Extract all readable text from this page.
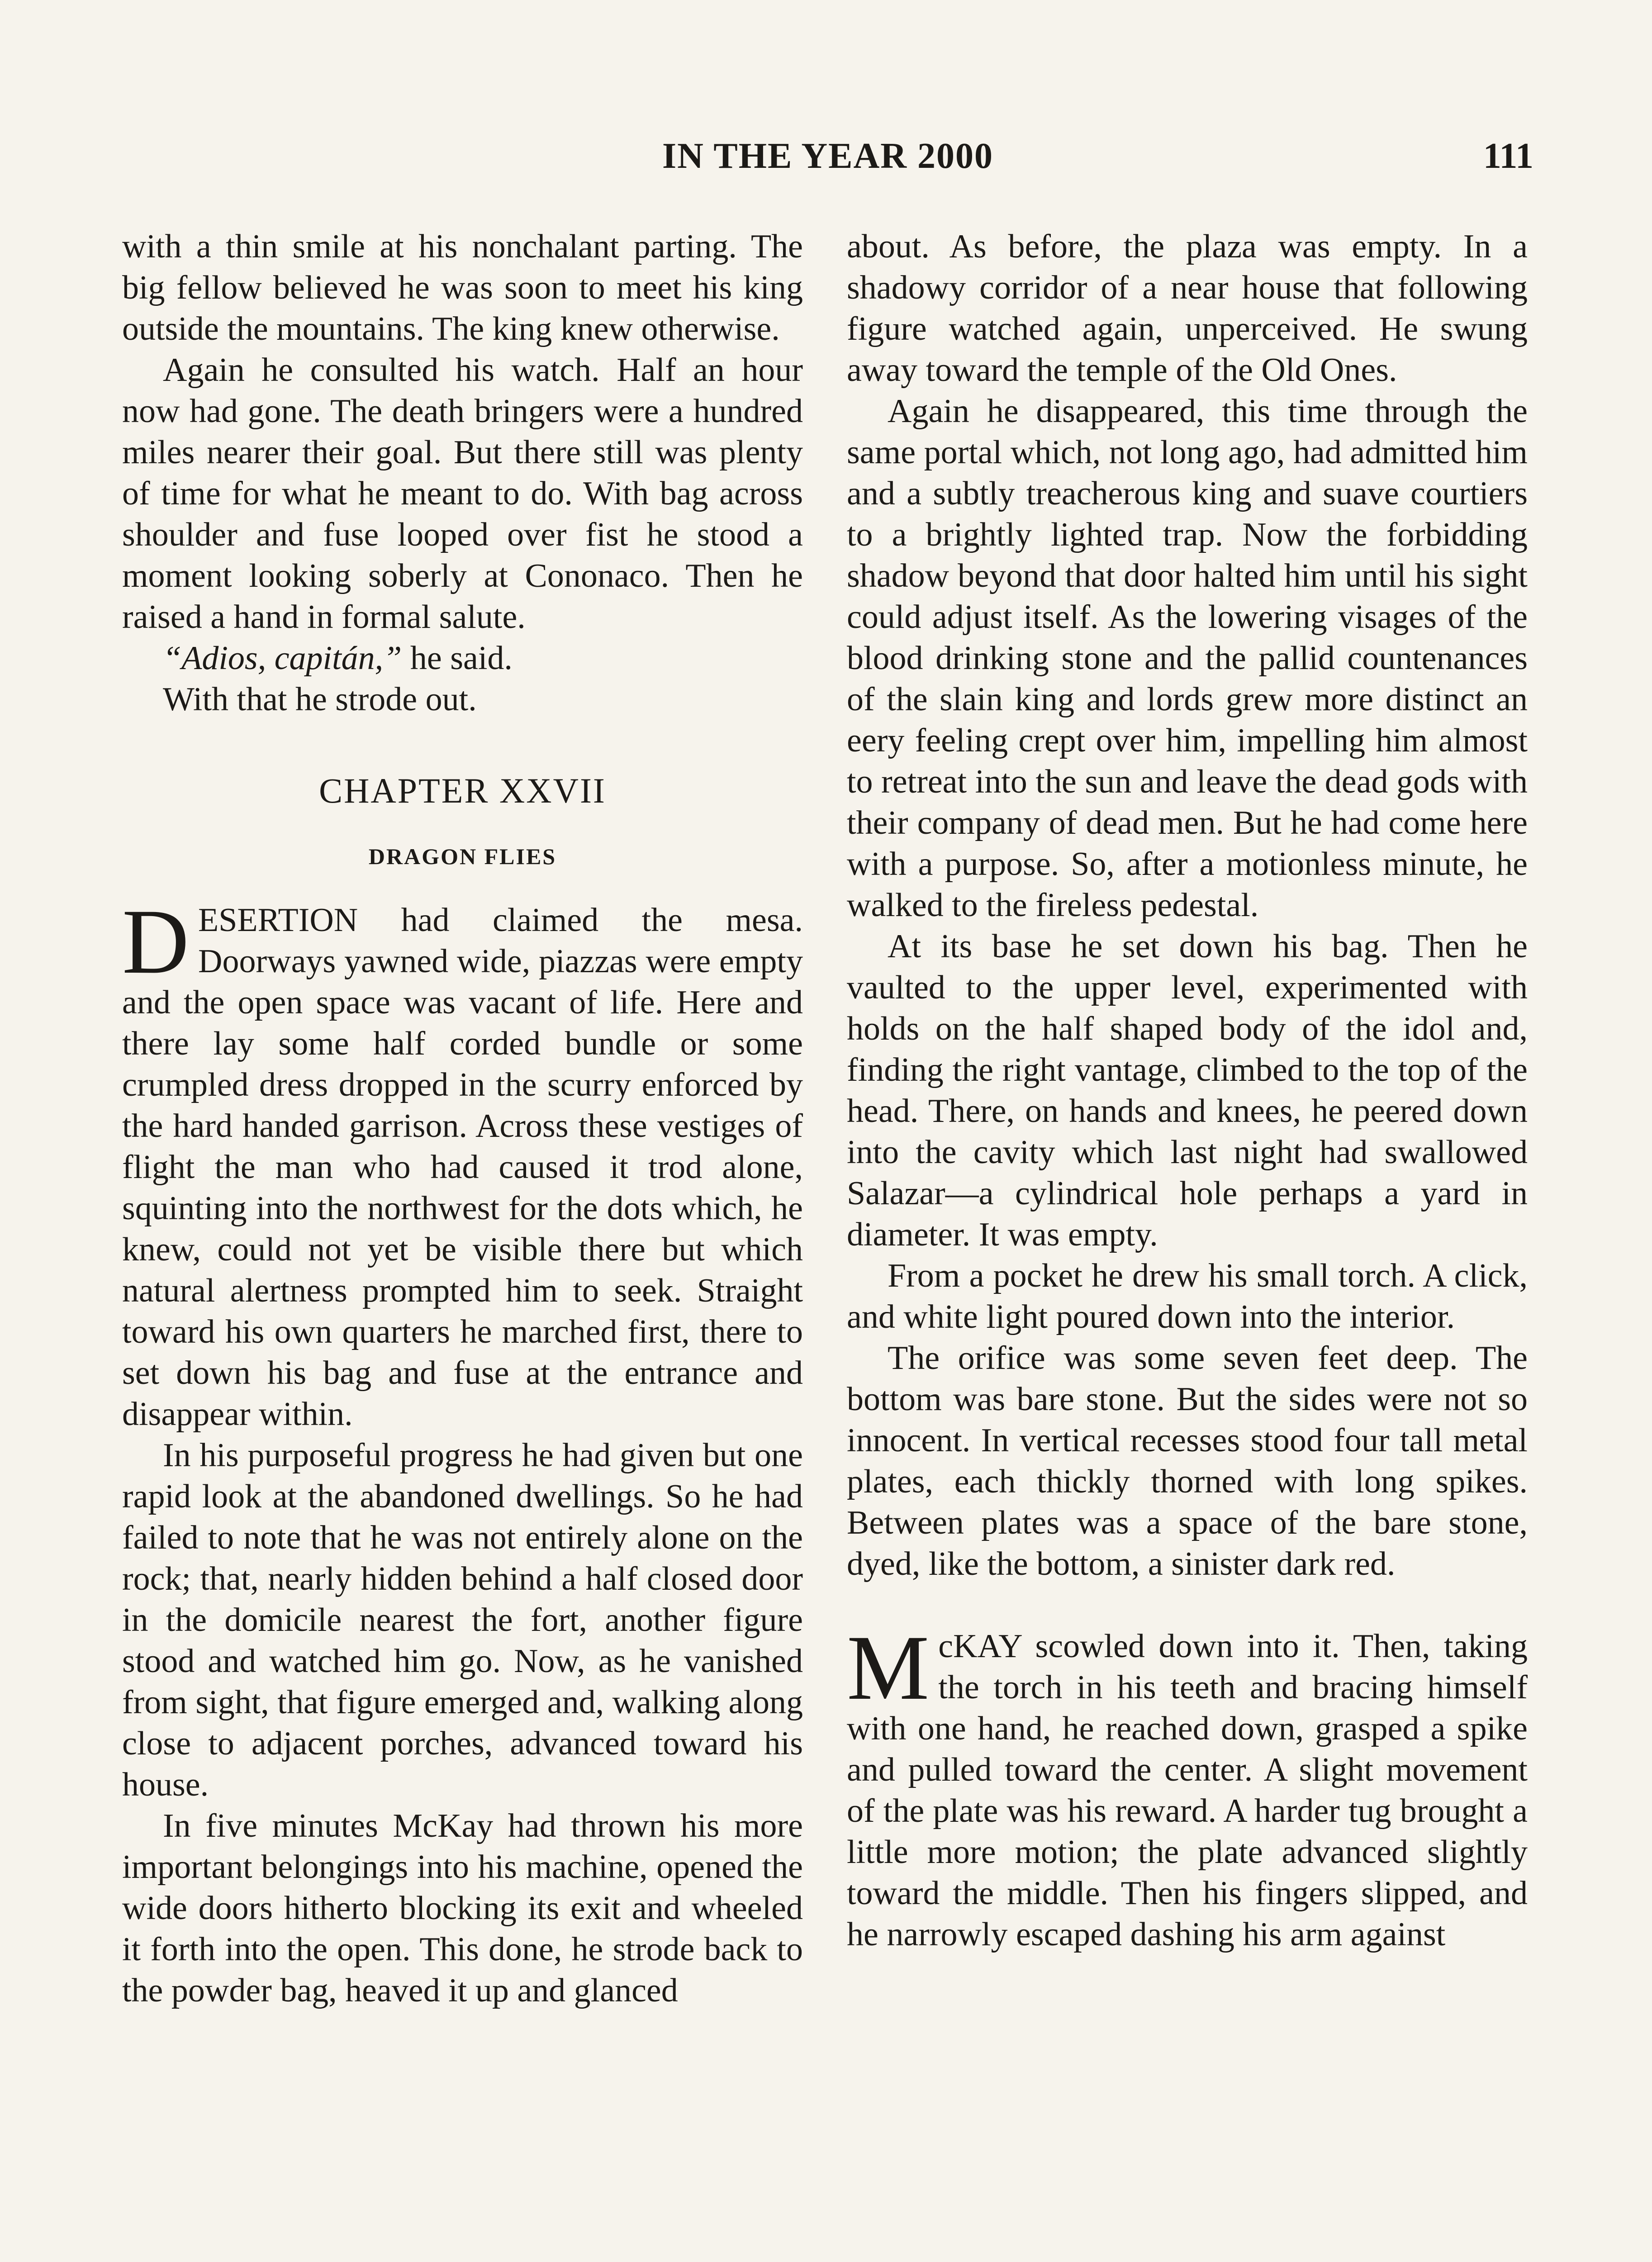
IN THE YEAR 2000	111

with a thin smile at his nonchalant parting. The big fellow believed he was soon to meet his king outside the mountains. The king knew otherwise.

Again he consulted his watch. Half an hour now had gone. The death bringers were a hundred miles nearer their goal. But there still was plenty of time for what he meant to do. With bag across shoulder and fuse looped over fist he stood a moment looking soberly at Cononaco. Then he raised a hand in formal salute.

“Adios, capitán,” he said.

With that he strode out.

CHAPTER XXVII

DRAGON FLIES

DESERTION had claimed the mesa. Doorways yawned wide, piazzas were empty and the open space was vacant of life. Here and there lay some half corded bundle or some crumpled dress dropped in the scurry enforced by the hard handed garrison. Across these vestiges of flight the man who had caused it trod alone, squinting into the northwest for the dots which, he knew, could not yet be visible there but which natural alertness prompted him to seek. Straight toward his own quarters he marched first, there to set down his bag and fuse at the entrance and disappear within.

In his purposeful progress he had given but one rapid look at the abandoned dwellings. So he had failed to note that he was not entirely alone on the rock; that, nearly hidden behind a half closed door in the domicile nearest the fort, another figure stood and watched him go. Now, as he vanished from sight, that figure emerged and, walking along close to adjacent porches, advanced toward his house.

In five minutes McKay had thrown his more important belongings into his machine, opened the wide doors hitherto blocking its exit and wheeled it forth into the open. This done, he strode back to the powder bag, heaved it up and glanced

about. As before, the plaza was empty. In a shadowy corridor of a near house that following figure watched again, unperceived. He swung away toward the temple of the Old Ones.

Again he disappeared, this time through the same portal which, not long ago, had admitted him and a subtly treacherous king and suave courtiers to a brightly lighted trap. Now the forbidding shadow beyond that door halted him until his sight could adjust itself. As the lowering visages of the blood drinking stone and the pallid countenances of the slain king and lords grew more distinct an eery feeling crept over him, impelling him almost to retreat into the sun and leave the dead gods with their company of dead men. But he had come here with a purpose. So, after a motionless minute, he walked to the fireless pedestal.

At its base he set down his bag. Then he vaulted to the upper level, experimented with holds on the half shaped body of the idol and, finding the right vantage, climbed to the top of the head. There, on hands and knees, he peered down into the cavity which last night had swallowed Salazar—a cylindrical hole perhaps a yard in diameter. It was empty.

From a pocket he drew his small torch. A click, and white light poured down into the interior.

The orifice was some seven feet deep. The bottom was bare stone. But the sides were not so innocent. In vertical recesses stood four tall metal plates, each thickly thorned with long spikes. Between plates was a space of the bare stone, dyed, like the bottom, a sinister dark red.

McKAY scowled down into it. Then, taking the torch in his teeth and bracing himself with one hand, he reached down, grasped a spike and pulled toward the center. A slight movement of the plate was his reward. A harder tug brought a little more motion; the plate advanced slightly toward the middle. Then his fingers slipped, and he narrowly escaped dashing his arm against
